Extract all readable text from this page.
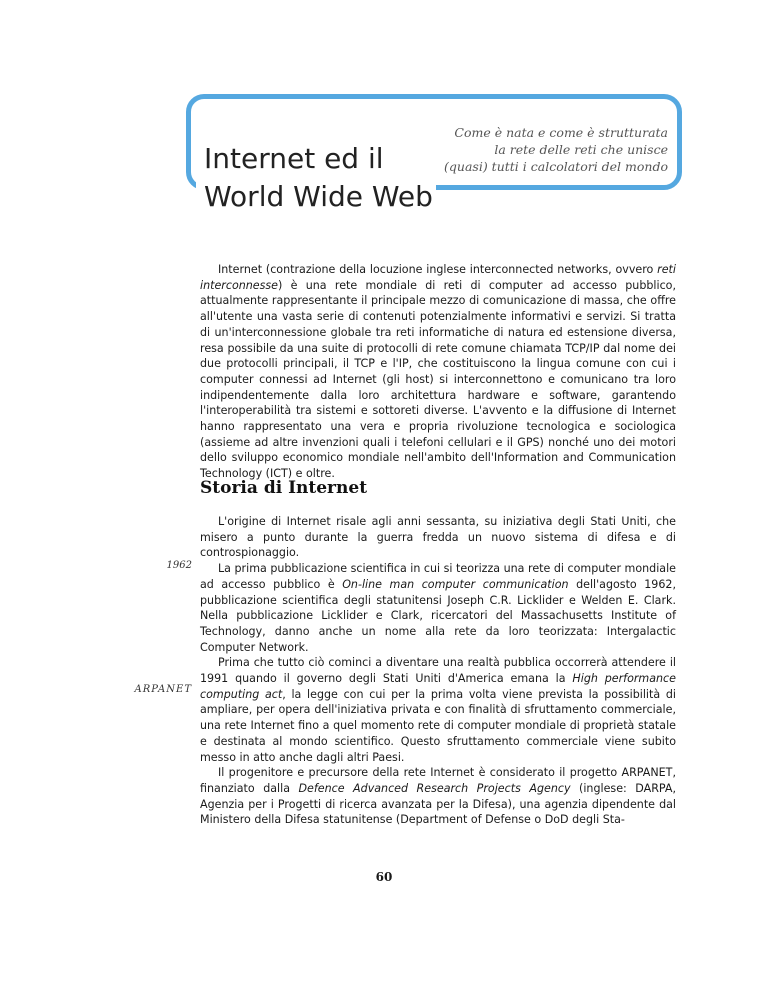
Internet ed il
World Wide Web
Come è nata e come è strutturata
la rete delle reti che unisce
(quasi) tutti i calcolatori del mondo

Internet (contrazione della locuzione inglese interconnected networks, ovvero reti interconnesse) è una rete mondiale di reti di computer ad accesso pubblico, attualmente rappresentante il principale mezzo di comunicazione di massa, che offre all'utente una vasta serie di contenuti potenzialmente informativi e servizi. Si tratta di un'interconnessione globale tra reti informatiche di natura ed estensione diversa, resa possibile da una suite di protocolli di rete comune chiamata TCP/IP dal nome dei due protocolli principali, il TCP e l'IP, che costituiscono la lingua comune con cui i computer connessi ad Internet (gli host) si interconnettono e comunicano tra loro indipendentemente dalla loro architettura hardware e software, garantendo l'interoperabilità tra sistemi e sottoreti diverse. L'avvento e la diffusione di Internet hanno rappresentato una vera e propria rivoluzione tecnologica e sociologica (assieme ad altre invenzioni quali i telefoni cellulari e il GPS) nonché uno dei motori dello sviluppo economico mondiale nell'ambito dell'Information and Communication Technology (ICT) e oltre.

Storia di Internet

L'origine di Internet risale agli anni sessanta, su iniziativa degli Stati Uniti, che misero a punto durante la guerra fredda un nuovo sistema di difesa e di controspionaggio.

La prima pubblicazione scientifica in cui si teorizza una rete di computer mondiale ad accesso pubblico è On-line man computer communication dell'agosto 1962, pubblicazione scientifica degli statunitensi Joseph C.R. Licklider e Welden E. Clark. Nella pubblicazione Licklider e Clark, ricercatori del Massachusetts Institute of Technology, danno anche un nome alla rete da loro teorizzata: Intergalactic Computer Network.

Prima che tutto ciò cominci a diventare una realtà pubblica occorrerà attendere il 1991 quando il governo degli Stati Uniti d'America emana la High performance computing act, la legge con cui per la prima volta viene prevista la possibilità di ampliare, per opera dell'iniziativa privata e con finalità di sfruttamento commerciale, una rete Internet fino a quel momento rete di computer mondiale di proprietà statale e destinata al mondo scientifico. Questo sfruttamento commerciale viene subito messo in atto anche dagli altri Paesi.

Il progenitore e precursore della rete Internet è considerato il progetto ARPANET, finanziato dalla Defence Advanced Research Projects Agency (inglese: DARPA, Agenzia per i Progetti di ricerca avanzata per la Difesa), una agenzia dipendente dal Ministero della Difesa statunitense (Department of Defense o DoD degli Sta-

1962
ARPANET
60
